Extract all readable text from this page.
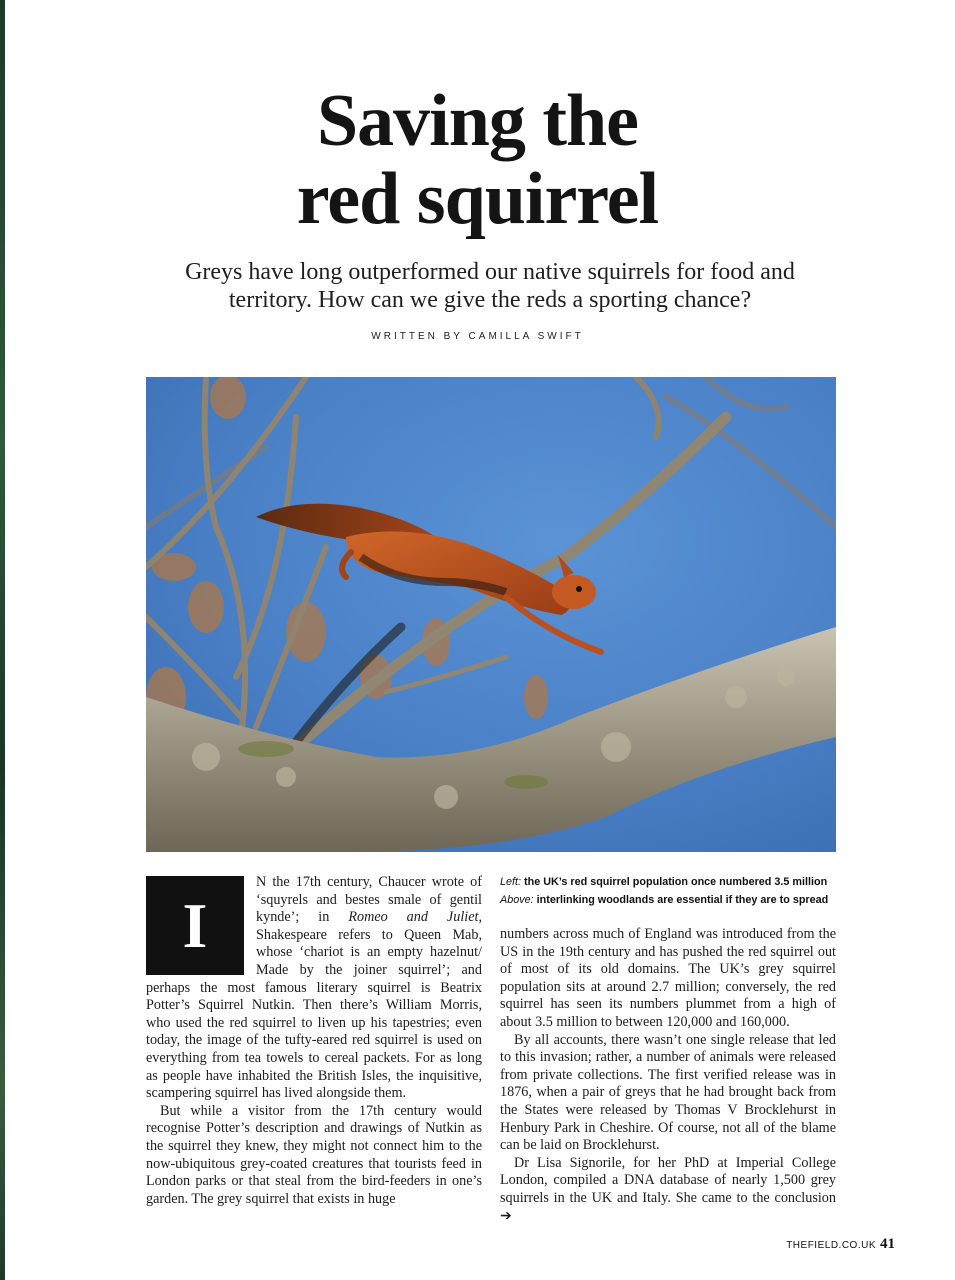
Saving the
red squirrel

Greys have long outperformed our native squirrels for food and territory. How can we give the reds a sporting chance?

WRITTEN BY CAMILLA SWIFT

I
N the 17th century, Chaucer wrote of ‘squyrels and bestes smale of gentil kynde’; in Romeo and Juliet, Shakespeare refers to Queen Mab, whose ‘chariot is an empty hazelnut/ Made by the joiner squirrel’; and perhaps the most famous literary squirrel is Beatrix Potter’s Squirrel Nutkin. Then there’s William Morris, who used the red squirrel to liven up his tapestries; even today, the image of the tufty-eared red squirrel is used on everything from tea towels to cereal packets. For as long as people have inhabited the British Isles, the inquisitive, scampering squirrel has lived alongside them.

But while a visitor from the 17th century would recognise Potter’s description and drawings of Nutkin as the squirrel they knew, they might not connect him to the now-ubiquitous grey-coated creatures that tourists feed in London parks or that steal from the bird-feeders in one’s garden. The grey squirrel that exists in huge

Left: the UK’s red squirrel population once numbered 3.5 million
Above: interlinking woodlands are essential if they are to spread

numbers across much of England was introduced from the US in the 19th century and has pushed the red squirrel out of most of its old domains. The UK’s grey squirrel population sits at around 2.7 million; conversely, the red squirrel has seen its numbers plummet from a high of about 3.5 million to between 120,000 and 160,000.

By all accounts, there wasn’t one single release that led to this invasion; rather, a number of animals were released from private collections. The first verified release was in 1876, when a pair of greys that he had brought back from the States were released by Thomas V Brocklehurst in Henbury Park in Cheshire. Of course, not all of the blame can be laid on Brocklehurst.

Dr Lisa Signorile, for her PhD at Imperial College London, compiled a DNA database of nearly 1,500 grey squirrels in the UK and Italy. She came to the conclusion ➔

THEFIELD.CO.UK 41
